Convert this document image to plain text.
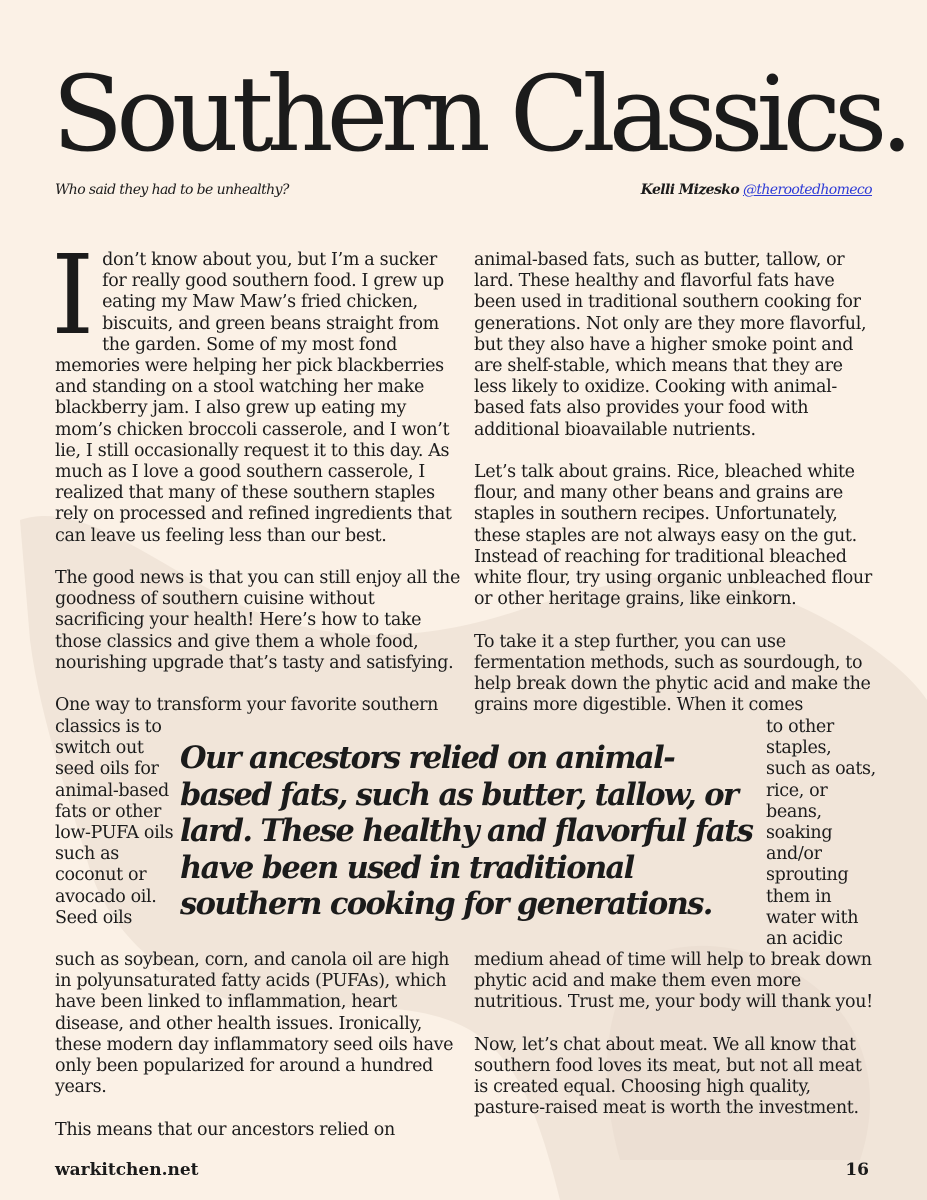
Southern Classics.
Who said they had to be unhealthy?	Kelli Mizesko @therootedhomeco

Idon’t know about you, but I’m a sucker for really good southern food. I grew up eating my Maw Maw’s fried chicken, biscuits, and green beans straight from the garden. Some of my most fond memories were helping her pick blackberries and standing on a stool watching her make blackberry jam. I also grew up eating my mom’s chicken broccoli casserole, and I won’t lie, I still occasionally request it to this day. As much as I love a good southern casserole, I realized that many of these southern staples rely on processed and refined ingredients that can leave us feeling less than our best.

The good news is that you can still enjoy all the goodness of southern cuisine without sacrificing your health! Here’s how to take those classics and give them a whole food, nourishing upgrade that’s tasty and satisfying.

One way to transform your favorite southern

classics is to switch out seed oils for animal-based fats or other low-PUFA oils such as coconut or avocado oil. Seed oils
Our ancestors relied on animal-based fats, such as butter, tallow, or lard. These healthy and flavorful fats have been used in traditional southern cooking for generations.

animal-based fats, such as butter, tallow, or lard. These healthy and flavorful fats have been used in traditional southern cooking for generations. Not only are they more flavorful, but they also have a higher smoke point and are shelf-stable, which means that they are less likely to oxidize. Cooking with animal-based fats also provides your food with additional bioavailable nutrients.

Let’s talk about grains. Rice, bleached white flour, and many other beans and grains are staples in southern recipes. Unfortunately, these staples are not always easy on the gut. Instead of reaching for traditional bleached white flour, try using organic unbleached flour or other heritage grains, like einkorn.

To take it a step further, you can use fermentation methods, such as sourdough, to help break down the phytic acid and make the grains more digestible. When it comes

to other staples, such as oats, rice, or beans, soaking and/or sprouting them in water with an acidic

such as soybean, corn, and canola oil are high in polyunsaturated fatty acids (PUFAs), which have been linked to inflammation, heart disease, and other health issues. Ironically, these modern day inflammatory seed oils have only been popularized for around a hundred years.

This means that our ancestors relied on

medium ahead of time will help to break down phytic acid and make them even more nutritious. Trust me, your body will thank you!

Now, let’s chat about meat. We all know that southern food loves its meat, but not all meat is created equal. Choosing high quality, pasture-raised meat is worth the investment.

warkitchen.net	16
